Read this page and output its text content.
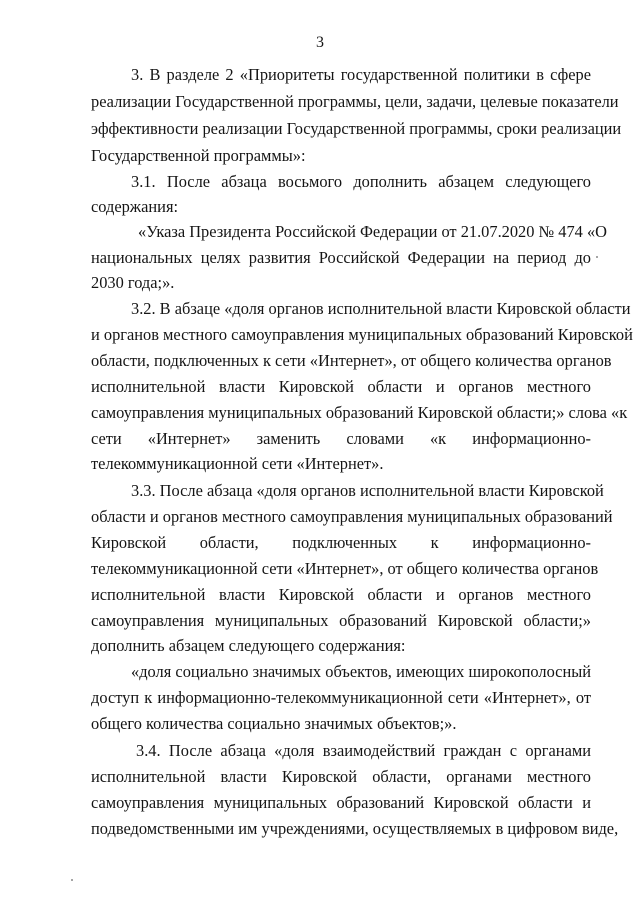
3
3. В разделе 2 «Приоритеты государственной политики в сфере
реализации Государственной программы, цели, задачи, целевые показатели
эффективности реализации Государственной программы, сроки реализации
Государственной программы»:
3.1. После абзаца восьмого дополнить абзацем следующего
содержания:
«Указа Президента Российской Федерации от 21.07.2020 № 474 «О
национальных целях развития Российской Федерации на период до
2030 года;».
3.2. В абзаце «доля органов исполнительной власти Кировской области
и органов местного самоуправления муниципальных образований Кировской
области, подключенных к сети «Интернет», от общего количества органов
исполнительной власти Кировской области и органов местного
самоуправления муниципальных образований Кировской области;» слова «к
сети «Интернет» заменить словами «к информационно-
телекоммуникационной сети «Интернет».
3.3. После абзаца «доля органов исполнительной власти Кировской
области и органов местного самоуправления муниципальных образований
Кировской области, подключенных к информационно-
телекоммуникационной сети «Интернет», от общего количества органов
исполнительной власти Кировской области и органов местного
самоуправления муниципальных образований Кировской области;»
дополнить абзацем следующего содержания:
«доля социально значимых объектов, имеющих широкополосный
доступ к информационно-телекоммуникационной сети «Интернет», от
общего количества социально значимых объектов;».
3.4. После абзаца «доля взаимодействий граждан с органами
исполнительной власти Кировской области, органами местного
самоуправления муниципальных образований Кировской области и
подведомственными им учреждениями, осуществляемых в цифровом виде,
